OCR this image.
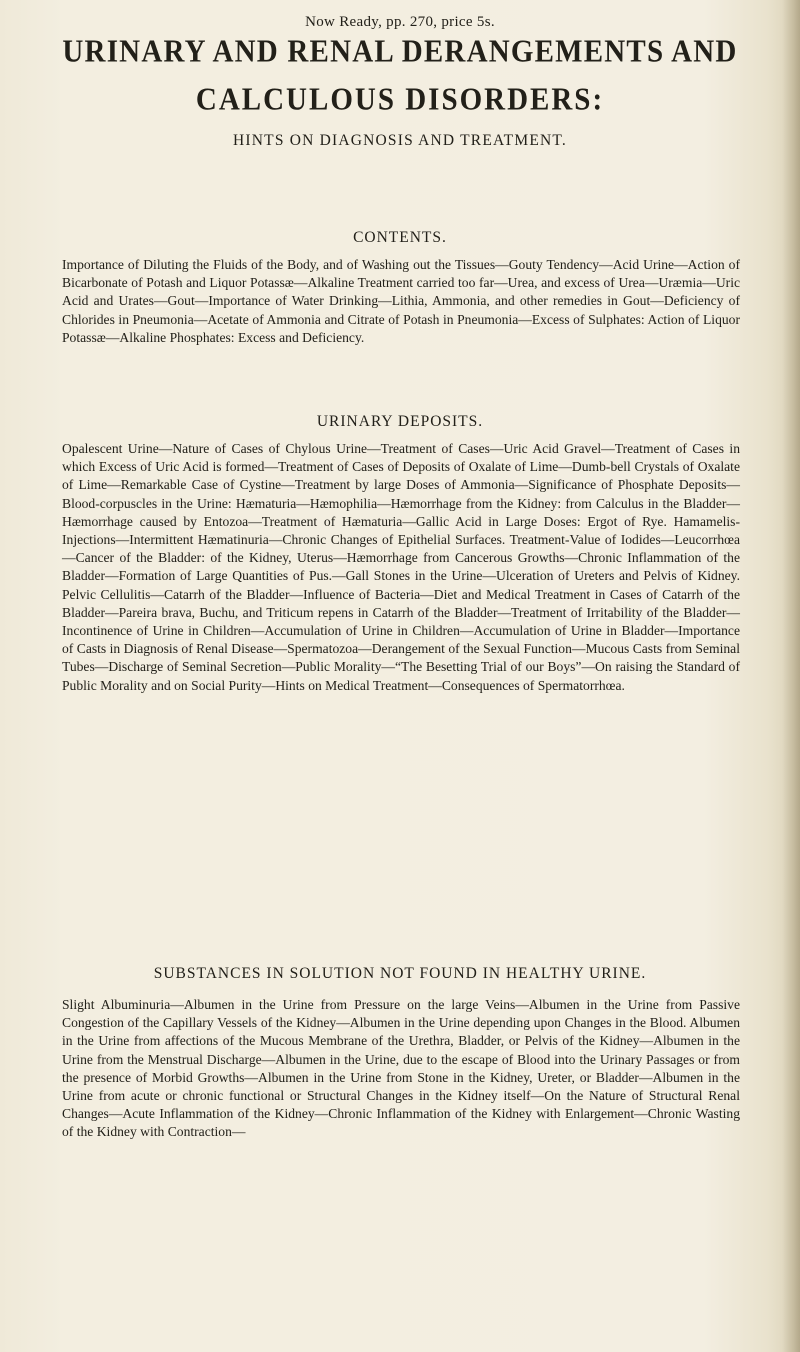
Now Ready, pp. 270, price 5s.
URINARY AND RENAL DERANGEMENTS AND
CALCULOUS DISORDERS:
HINTS ON DIAGNOSIS AND TREATMENT.
CONTENTS.
Importance of Diluting the Fluids of the Body, and of Washing out the Tissues—Gouty Tendency—Acid Urine—Action of Bicarbonate of Potash and Liquor Potassæ—Alkaline Treatment carried too far—Urea, and excess of Urea—Uræmia—Uric Acid and Urates—Gout—Importance of Water Drinking—Lithia, Ammonia, and other remedies in Gout—Deficiency of Chlorides in Pneumonia—Acetate of Ammonia and Citrate of Potash in Pneumonia—Excess of Sulphates: Action of Liquor Potassæ—Alkaline Phosphates: Excess and Deficiency.
URINARY DEPOSITS.
Opalescent Urine—Nature of Cases of Chylous Urine—Treatment of Cases—Uric Acid Gravel—Treatment of Cases in which Excess of Uric Acid is formed—Treatment of Cases of Deposits of Oxalate of Lime—Dumb-bell Crystals of Oxalate of Lime—Remarkable Case of Cystine—Treatment by large Doses of Ammonia—Significance of Phosphate Deposits—Blood-corpuscles in the Urine: Hæmaturia—Hæmophilia—Hæmorrhage from the Kidney: from Calculus in the Bladder—Hæmorrhage caused by Entozoa—Treatment of Hæmaturia—Gallic Acid in Large Doses: Ergot of Rye. Hamamelis-Injections—Intermittent Hæmatinuria—Chronic Changes of Epithelial Surfaces. Treatment-Value of Iodides—Leucorrhœa—Cancer of the Bladder: of the Kidney, Uterus—Hæmorrhage from Cancerous Growths—Chronic Inflammation of the Bladder—Formation of Large Quantities of Pus.—Gall Stones in the Urine—Ulceration of Ureters and Pelvis of Kidney. Pelvic Cellulitis—Catarrh of the Bladder—Influence of Bacteria—Diet and Medical Treatment in Cases of Catarrh of the Bladder—Pareira brava, Buchu, and Triticum repens in Catarrh of the Bladder—Treatment of Irritability of the Bladder—Incontinence of Urine in Children—Accumulation of Urine in Children—Accumulation of Urine in Bladder—Importance of Casts in Diagnosis of Renal Disease—Spermatozoa—Derangement of the Sexual Function—Mucous Casts from Seminal Tubes—Discharge of Seminal Secretion—Public Morality—“The Besetting Trial of our Boys”—On raising the Standard of Public Morality and on Social Purity—Hints on Medical Treatment—Consequences of Spermatorrhœa.
SUBSTANCES IN SOLUTION NOT FOUND IN HEALTHY URINE.
Slight Albuminuria—Albumen in the Urine from Pressure on the large Veins—Albumen in the Urine from Passive Congestion of the Capillary Vessels of the Kidney—Albumen in the Urine depending upon Changes in the Blood. Albumen in the Urine from affections of the Mucous Membrane of the Urethra, Bladder, or Pelvis of the Kidney—Albumen in the Urine from the Menstrual Discharge—Albumen in the Urine, due to the escape of Blood into the Urinary Passages or from the presence of Morbid Growths—Albumen in the Urine from Stone in the Kidney, Ureter, or Bladder—Albumen in the Urine from acute or chronic functional or Structural Changes in the Kidney itself—On the Nature of Structural Renal Changes—Acute Inflammation of the Kidney—Chronic Inflammation of the Kidney with Enlargement—Chronic Wasting of the Kidney with Contraction—
